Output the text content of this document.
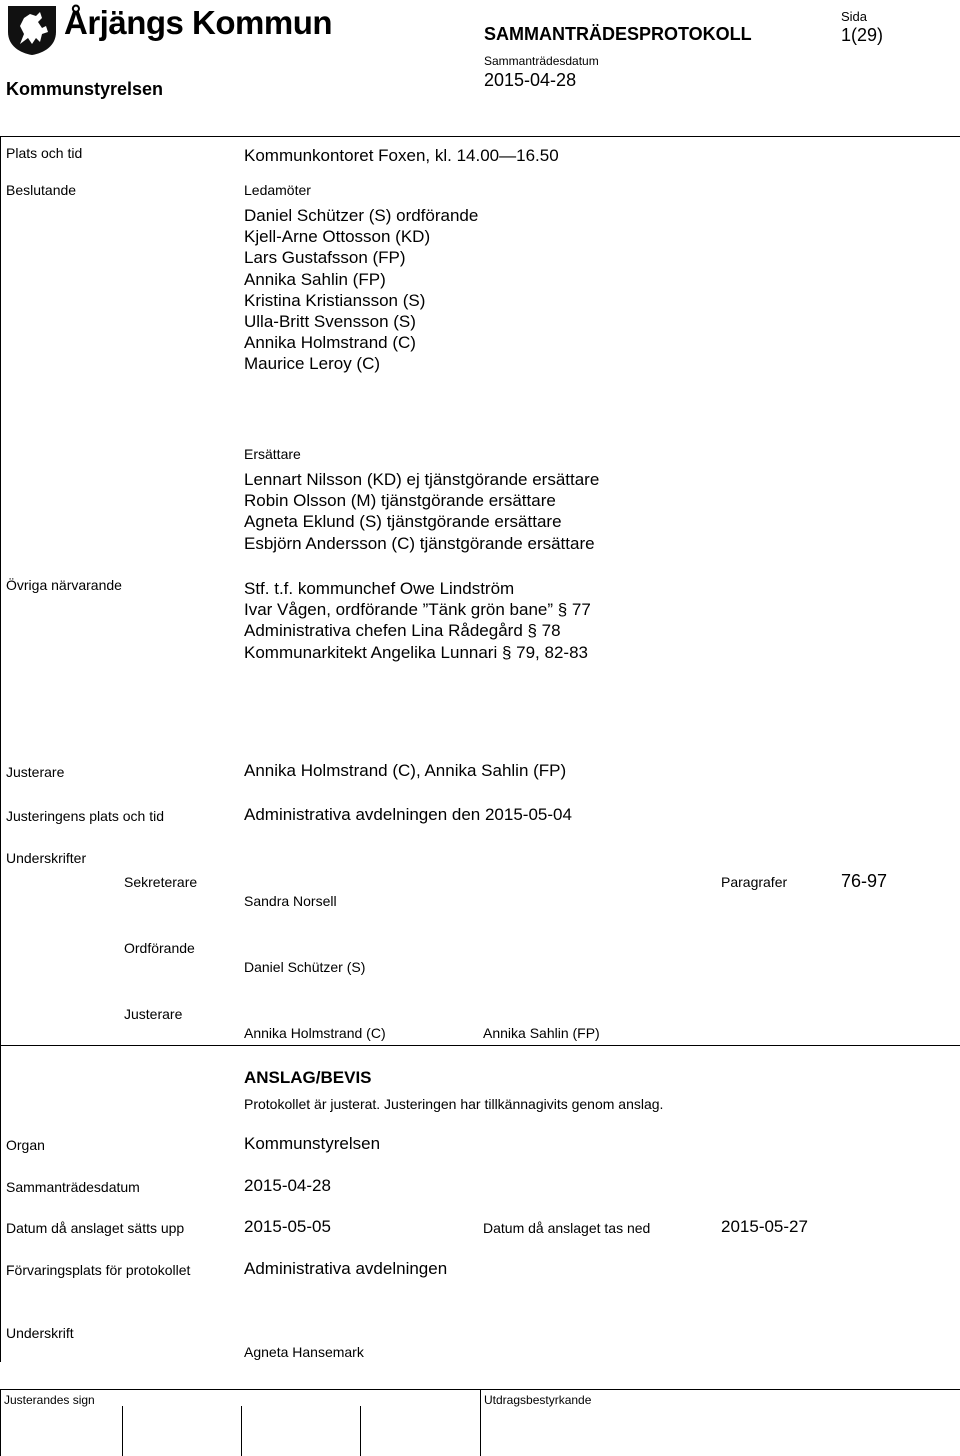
Årjängs Kommun
Kommunstyrelsen
SAMMANTRÄDESPROTOKOLL
Sammanträdesdatum
2015-04-28
Sida
1(29)
Plats och tid	Kommunkontoret Foxen, kl. 14.00—16.50
Beslutande	Ledamöter
Daniel Schützer (S) ordförande
Kjell-Arne Ottosson (KD)
Lars Gustafsson (FP)
Annika Sahlin (FP)
Kristina Kristiansson (S)
Ulla-Britt Svensson (S)
Annika Holmstrand (C)
Maurice Leroy (C)
Ersättare
Lennart Nilsson (KD) ej tjänstgörande ersättare
Robin Olsson (M) tjänstgörande ersättare
Agneta Eklund (S) tjänstgörande ersättare
Esbjörn Andersson (C) tjänstgörande ersättare
Övriga närvarande	Stf. t.f. kommunchef Owe Lindström
Ivar Vågen, ordförande ”Tänk grön bane” § 77
Administrativa chefen Lina Rådegård § 78
Kommunarkitekt Angelika Lunnari § 79, 82-83
Justerare	Annika Holmstrand (C), Annika Sahlin (FP)
Justeringens plats och tid	Administrativa avdelningen den 2015-05-04
Underskrifter
Sekreterare
Sandra Norsell
Paragrafer	76-97
Ordförande
Daniel Schützer (S)
Justerare
Annika Holmstrand (C)	Annika Sahlin (FP)
ANSLAG/BEVIS
Protokollet är justerat. Justeringen har tillkännagivits genom anslag.
Organ	Kommunstyrelsen
Sammanträdesdatum	2015-04-28
Datum då anslaget sätts upp	2015-05-05	Datum då anslaget tas ned	2015-05-27
Förvaringsplats för protokollet	Administrativa avdelningen
Underskrift
Agneta Hansemark
Justerandes sign	Utdragsbestyrkande
